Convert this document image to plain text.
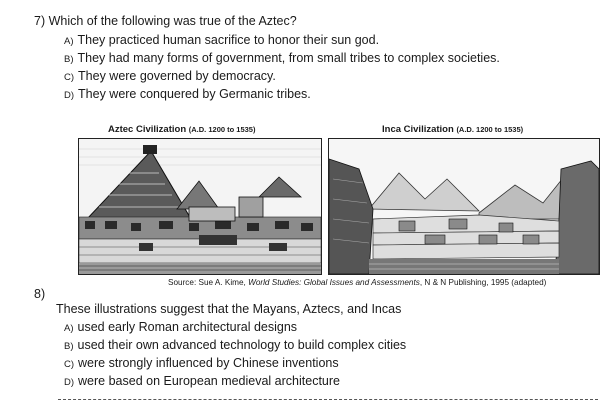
7) Which of the following was true of the Aztec?
A) They practiced human sacrifice to honor their sun god.
B) They had many forms of government, from small tribes to complex societies.
C) They were governed by democracy.
D) They were conquered by Germanic tribes.
Aztec Civilization (A.D. 1200 to 1535)	Inca Civilization (A.D. 1200 to 1535)
Source: Sue A. Kime, World Studies: Global Issues and Assessments, N & N Publishing, 1995 (adapted)
8)
These illustrations suggest that the Mayans, Aztecs, and Incas
A) used early Roman architectural designs
B) used their own advanced technology to build complex cities
C) were strongly influenced by Chinese inventions
D) were based on European medieval architecture
